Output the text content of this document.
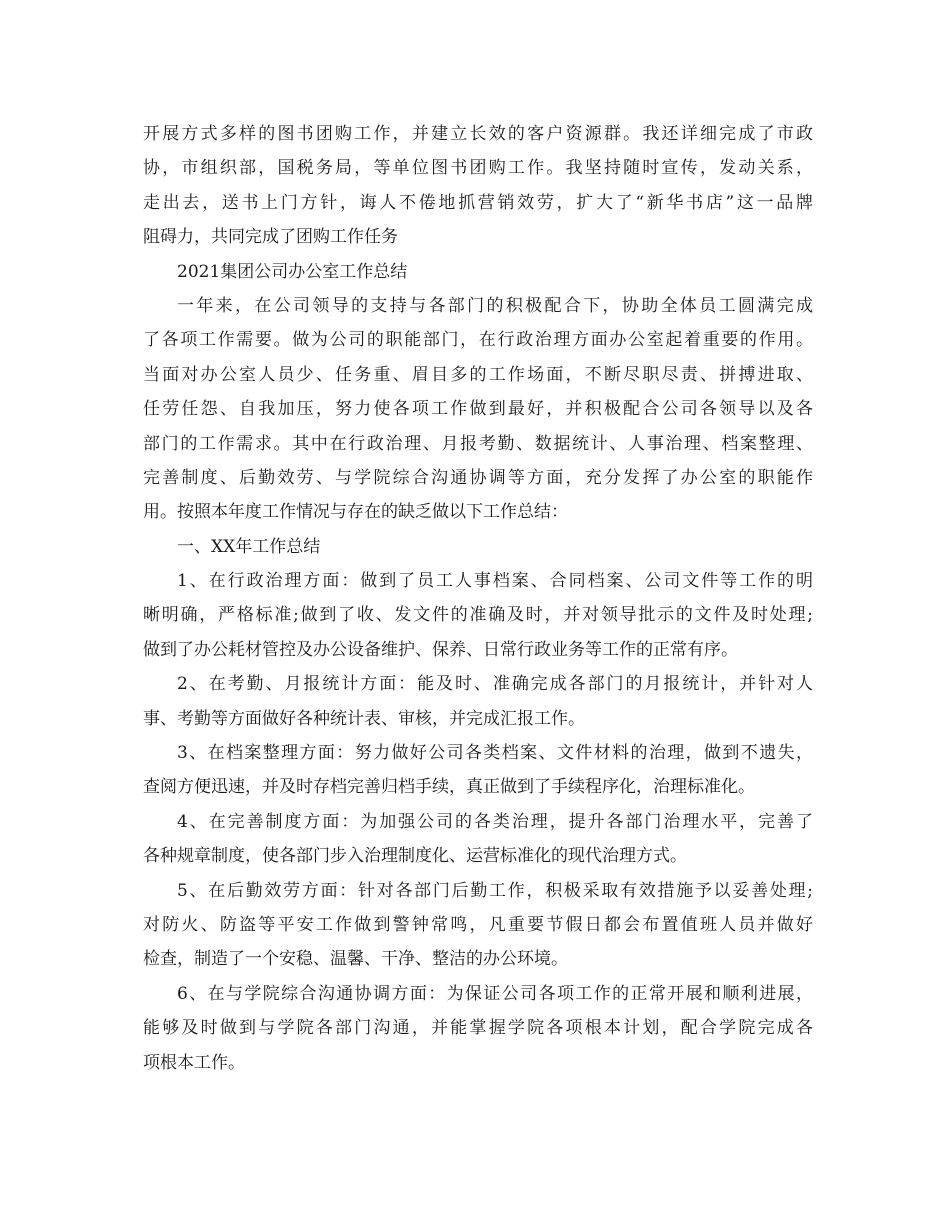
开展方式多样的图书团购工作，并建立长效的客户资源群。我还详细完成了市政
协，市组织部，国税务局，等单位图书团购工作。我坚持随时宣传，发动关系，
走出去，送书上门方针，诲人不倦地抓营销效劳，扩大了“新华书店”这一品牌
阻碍力，共同完成了团购工作任务
2021集团公司办公室工作总结
一年来，在公司领导的支持与各部门的积极配合下，协助全体员工圆满完成
了各项工作需要。做为公司的职能部门，在行政治理方面办公室起着重要的作用。
当面对办公室人员少、任务重、眉目多的工作场面，不断尽职尽责、拼搏进取、
任劳任怨、自我加压，努力使各项工作做到最好，并积极配合公司各领导以及各
部门的工作需求。其中在行政治理、月报考勤、数据统计、人事治理、档案整理、
完善制度、后勤效劳、与学院综合沟通协调等方面，充分发挥了办公室的职能作
用。按照本年度工作情况与存在的缺乏做以下工作总结：
一、XX年工作总结
1、在行政治理方面：做到了员工人事档案、合同档案、公司文件等工作的明
晰明确，严格标准;做到了收、发文件的准确及时，并对领导批示的文件及时处理;
做到了办公耗材管控及办公设备维护、保养、日常行政业务等工作的正常有序。
2、在考勤、月报统计方面：能及时、准确完成各部门的月报统计，并针对人
事、考勤等方面做好各种统计表、审核，并完成汇报工作。
3、在档案整理方面：努力做好公司各类档案、文件材料的治理，做到不遗失，
查阅方便迅速，并及时存档完善归档手续，真正做到了手续程序化，治理标准化。
4、在完善制度方面：为加强公司的各类治理，提升各部门治理水平，完善了
各种规章制度，使各部门步入治理制度化、运营标准化的现代治理方式。
5、在后勤效劳方面：针对各部门后勤工作，积极采取有效措施予以妥善处理;
对防火、防盗等平安工作做到警钟常鸣，凡重要节假日都会布置值班人员并做好
检查，制造了一个安稳、温馨、干净、整洁的办公环境。
6、在与学院综合沟通协调方面：为保证公司各项工作的正常开展和顺利进展，
能够及时做到与学院各部门沟通，并能掌握学院各项根本计划，配合学院完成各
项根本工作。
